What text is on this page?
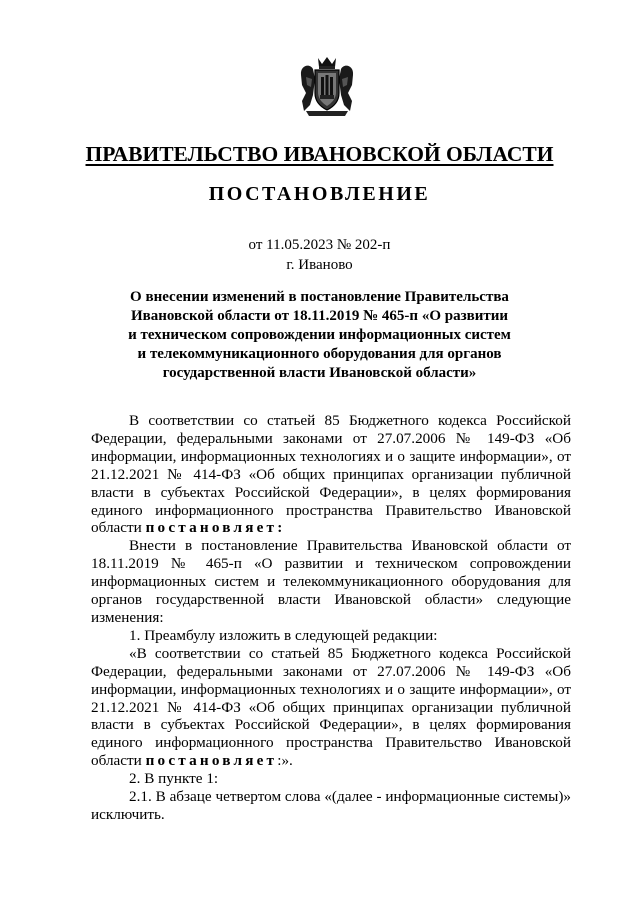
ПРАВИТЕЛЬСТВО ИВАНОВСКОЙ ОБЛАСТИ
ПОСТАНОВЛЕНИЕ
от 11.05.2023 № 202-п
г. Иваново
О внесении изменений в постановление Правительства
Ивановской области от 18.11.2019 № 465-п «О развитии
и техническом сопровождении информационных систем
и телекоммуникационного оборудования для органов
государственной власти Ивановской области»

В соответствии со статьей 85 Бюджетного кодекса Российской Федерации, федеральными законами от 27.07.2006 № 149-ФЗ «Об информации, информационных технологиях и о защите информации», от 21.12.2021 № 414-ФЗ «Об общих принципах организации публичной власти в субъектах Российской Федерации», в целях формирования единого информационного пространства Правительство Ивановской области постановляет:

Внести в постановление Правительства Ивановской области от 18.11.2019 № 465-п «О развитии и техническом сопровождении информационных систем и телекоммуникационного оборудования для органов государственной власти Ивановской области» следующие изменения:

1. Преамбулу изложить в следующей редакции:

«В соответствии со статьей 85 Бюджетного кодекса Российской Федерации, федеральными законами от 27.07.2006 № 149-ФЗ «Об информации, информационных технологиях и о защите информации», от 21.12.2021 № 414-ФЗ «Об общих принципах организации публичной власти в субъектах Российской Федерации», в целях формирования единого информационного пространства Правительство Ивановской области постановляет:».

2. В пункте 1:

2.1. В абзаце четвертом слова «(далее - информационные системы)» исключить.
